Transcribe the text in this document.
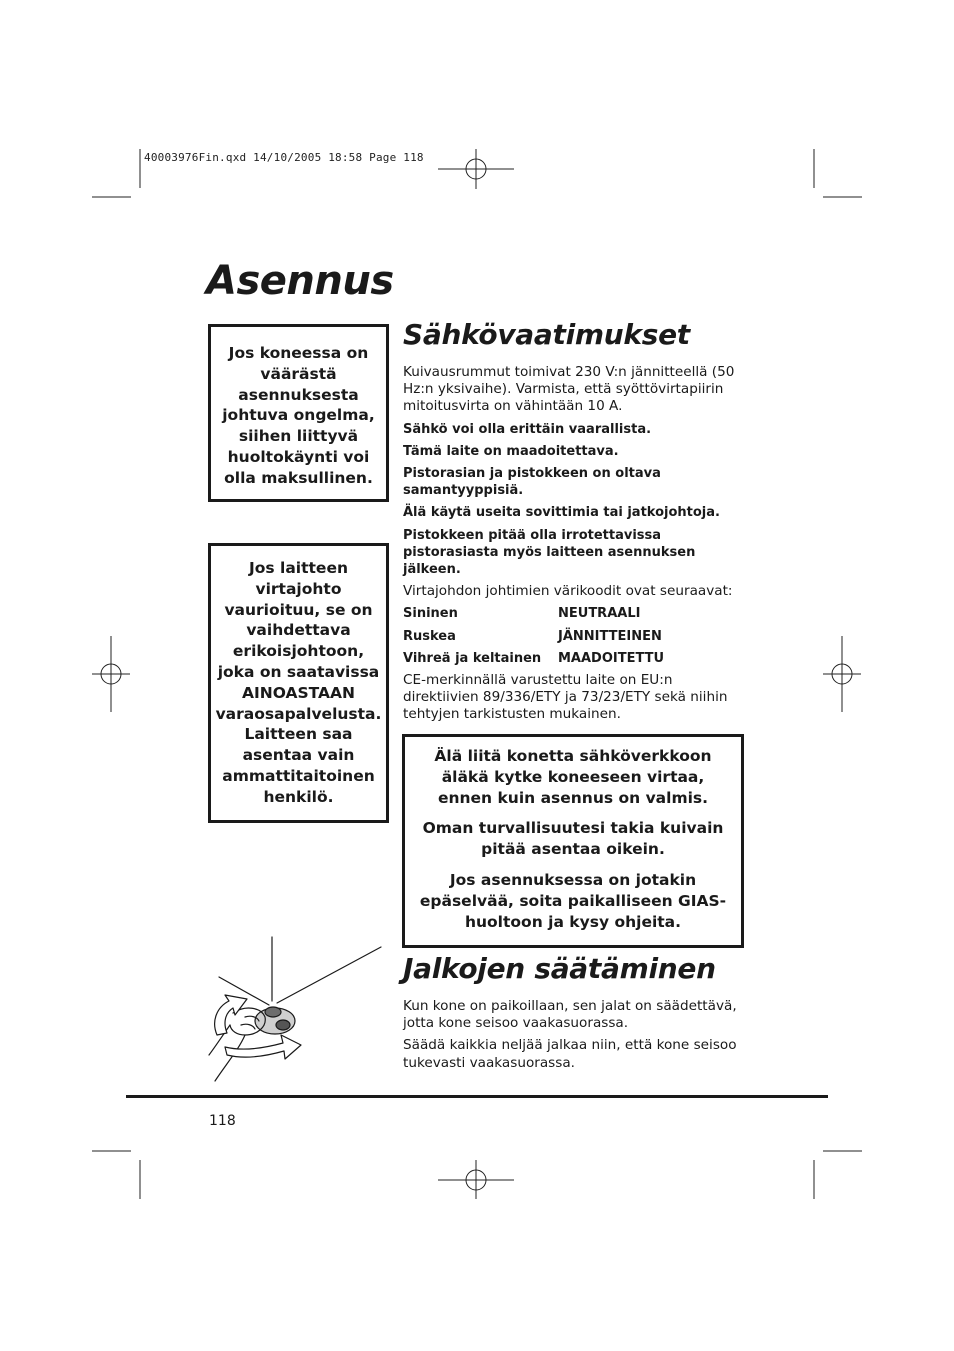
40003976Fin.qxd 14/10/2005 18:58 Page 118
Asennus

Jos koneessa on

väärästä

asennuksesta

johtuva ongelma,

siihen liittyvä

huoltokäynti voi

olla maksullinen.

Jos laitteen

virtajohto

vaurioituu, se on

vaihdettava

erikoisjohtoon,

joka on saatavissa

AINOASTAAN

varaosapalvelusta.

Laitteen saa

asentaa vain

ammattitaitoinen

henkilö.

Sähkövaatimukset

Kuivausrummut toimivat 230 V:n jännitteellä (50 Hz:n yksivaihe). Varmista, että syöttövirtapiirin mitoitusvirta on vähintään 10 A.

Sähkö voi olla erittäin vaarallista.

Tämä laite on maadoitettava.

Pistorasian ja pistokkeen on oltava samantyyppisiä.

Älä käytä useita sovittimia tai jatkojohtoja.

Pistokkeen pitää olla irrotettavissa pistorasiasta myös laitteen asennuksen jälkeen.

Virtajohdon johtimien värikoodit ovat seuraavat:

Sininen	NEUTRAALI
Ruskea	JÄNNITTEINEN
Vihreä ja keltainen	MAADOITETTU

CE-merkinnällä varustettu laite on EU:n direktiivien 89/336/ETY ja 73/23/ETY sekä niihin tehtyjen tarkistusten mukainen.

Älä liitä konetta sähköverkkoon äläkä kytke koneeseen virtaa, ennen kuin asennus on valmis.

Oman turvallisuutesi takia kuivain pitää asentaa oikein.

Jos asennuksessa on jotakin epäselvää, soita paikalliseen GIAS-huoltoon ja kysy ohjeita.

Jalkojen säätäminen

Kun kone on paikoillaan, sen jalat on säädettävä, jotta kone seisoo vaakasuorassa.

Säädä kaikkia neljää jalkaa niin, että kone seisoo tukevasti vaakasuorassa.

118
